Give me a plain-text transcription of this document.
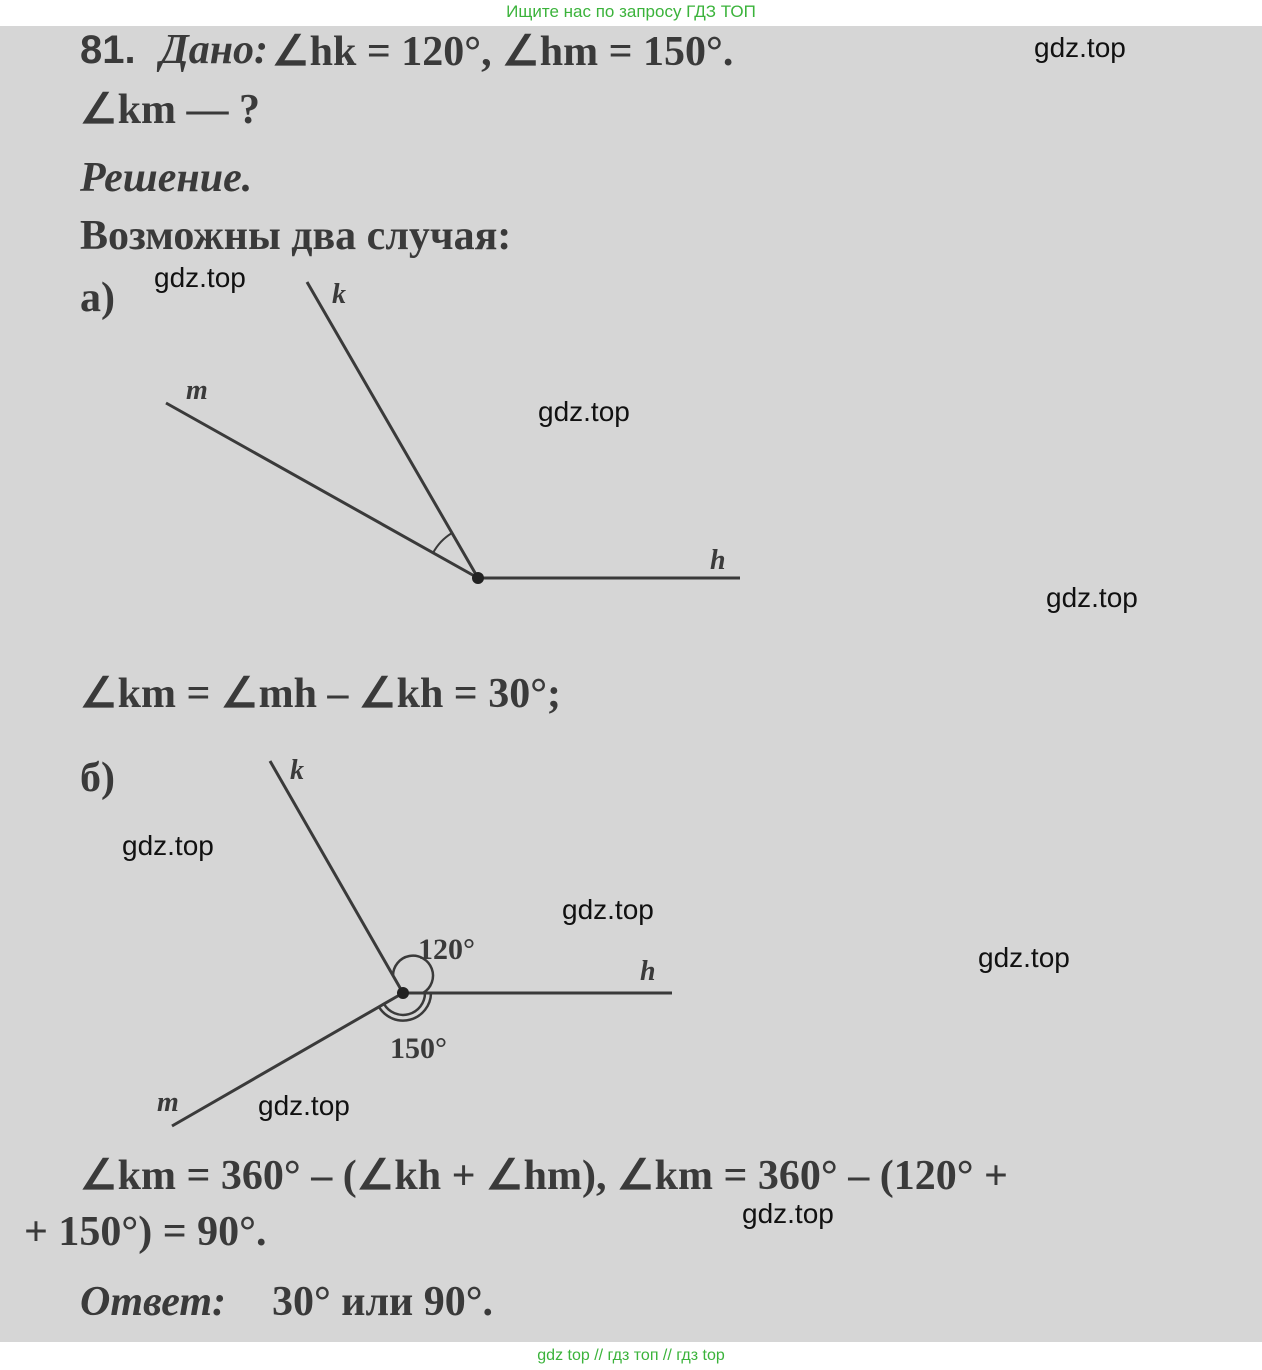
Ищите нас по запросу ГДЗ ТОП
81. Дано: ∠hk = 120°, ∠hm = 150°.
∠km — ?
Решение.
Возможны два случая:
а)	k
m
h
k
m
h
120°
150°
∠km = ∠mh – ∠kh = 30°;
б)
∠km = 360° – (∠kh + ∠hm), ∠km = 360° – (120° +
+ 150°) = 90°.
Ответ: 30° или 90°.
gdz.top
gdz.top
gdz.top
gdz.top
gdz.top
gdz.top
gdz.top
gdz.top
gdz.top
gdz top // гдз топ // гдз top
